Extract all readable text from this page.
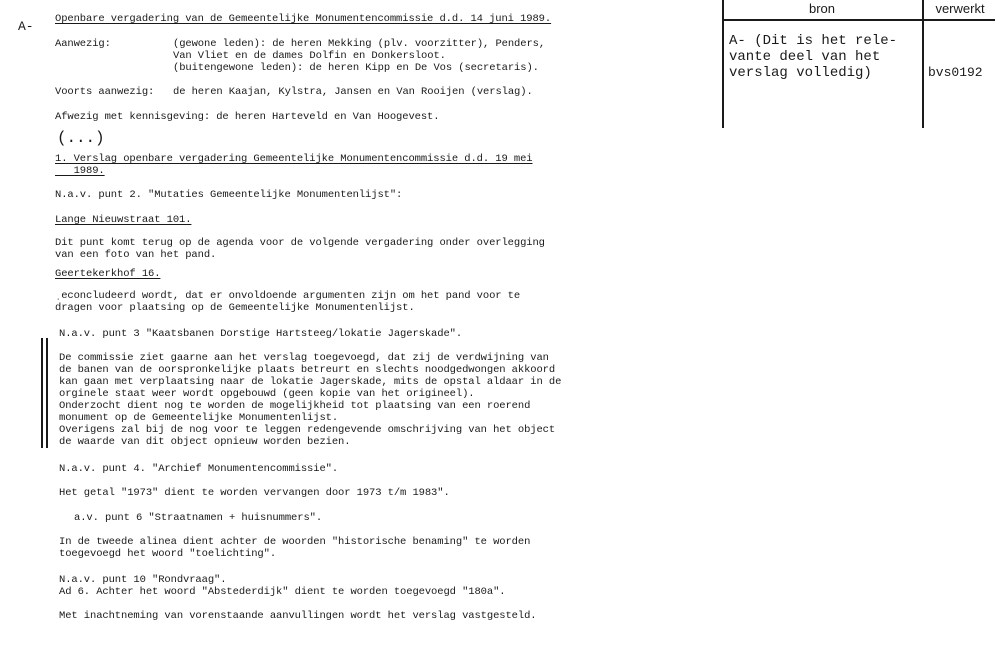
A- Openbare vergadering van de Gemeentelijke Monumentencommissie d.d. 14 juni 1989.
Aanwezig:	(gewone leden): de heren Mekking (plv. voorzitter), Penders,
Van Vliet en de dames Dolfin en Donkersloot.
(buitengewone leden): de heren Kipp en De Vos (secretaris).
Voorts aanwezig: de heren Kaajan, Kylstra, Jansen en Van Rooijen (verslag).
Afwezig met kennisgeving: de heren Harteveld en Van Hoogevest.
(...)
1. Verslag openbare vergadering Gemeentelijke Monumentencommissie d.d. 19 mei
1989.
N.a.v. punt 2. "Mutaties Gemeentelijke Monumentenlijst":
Lange Nieuwstraat 101.
Dit punt komt terug op de agenda voor de volgende vergadering onder overlegging
van een foto van het pand.
Geertekerkhof 16.
ˌeconcludeerd wordt, dat er onvoldoende argumenten zijn om het pand voor te
dragen voor plaatsing op de Gemeentelijke Monumentenlijst.
N.a.v. punt 3 "Kaatsbanen Dorstige Hartsteeg/lokatie Jagerskade".
De commissie ziet gaarne aan het verslag toegevoegd, dat zij de verdwijning van
de banen van de oorspronkelijke plaats betreurt en slechts noodgedwongen akkoord
kan gaan met verplaatsing naar de lokatie Jagerskade, mits de opstal aldaar in de
orginele staat weer wordt opgebouwd (geen kopie van het origineel).
Onderzocht dient nog te worden de mogelijkheid tot plaatsing van een roerend
monument op de Gemeentelijke Monumentenlijst.
Overigens zal bij de nog voor te leggen redengevende omschrijving van het object
de waarde van dit object opnieuw worden bezien.
N.a.v. punt 4. "Archief Monumentencommissie".
Het getal "1973" dient te worden vervangen door 1973 t/m 1983".
a.v. punt 6 "Straatnamen + huisnummers".
In de tweede alinea dient achter de woorden "historische benaming" te worden
toegevoegd het woord "toelichting".
N.a.v. punt 10 "Rondvraag".
Ad 6. Achter het woord "Abstederdijk" dient te worden toegevoegd "180a".
Met inachtneming van vorenstaande aanvullingen wordt het verslag vastgesteld.
bron	verwerkt
A- (Dit is het rele-
vante deel van het
verslag volledig)	bvs0192
